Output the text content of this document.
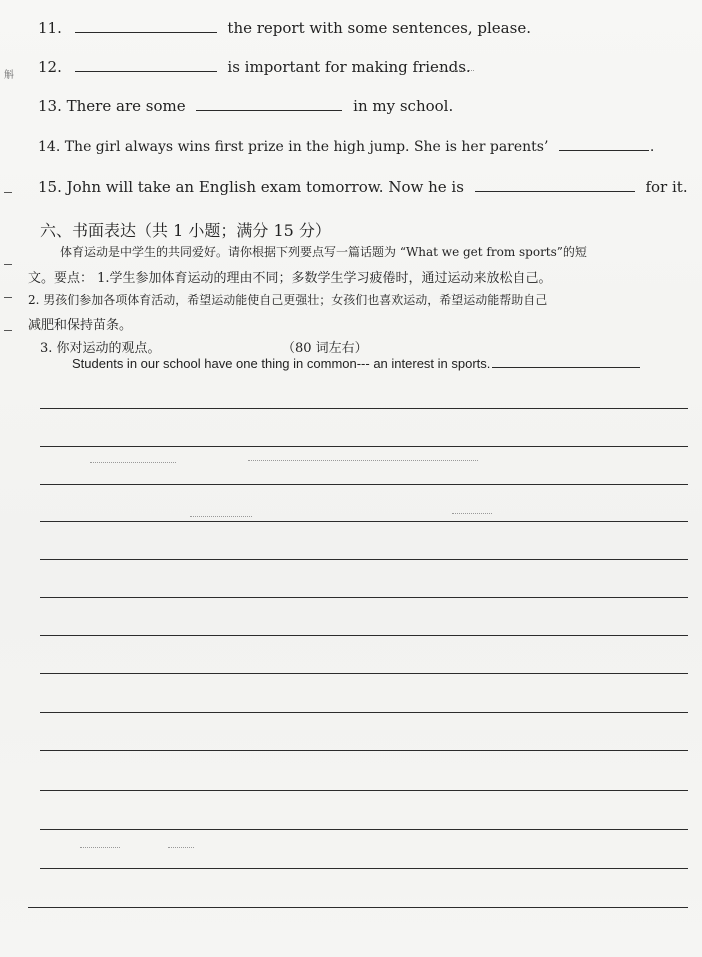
斛
11.	the report with some sentences, please.
12.	is important for making friends.
13. There are some	in my school.
14. The girl always wins first prize in the high jump. She is her parents’	.
15. John will take an English exam tomorrow. Now he is	for it.
六、书面表达（共 1 小题；满分 15 分）
体育运动是中学生的共同爱好。请你根据下列要点写一篇话题为 “What we get from sports”的短
文。要点： 1.学生参加体育运动的理由不同；多数学生学习疲倦时，通过运动来放松自己。
2. 男孩们参加各项体育活动，希望运动能使自己更强壮；女孩们也喜欢运动，希望运动能帮助自己
减肥和保持苗条。
3. 你对运动的观点。	（80 词左右）
Students in our school have one thing in common--- an interest in sports.
